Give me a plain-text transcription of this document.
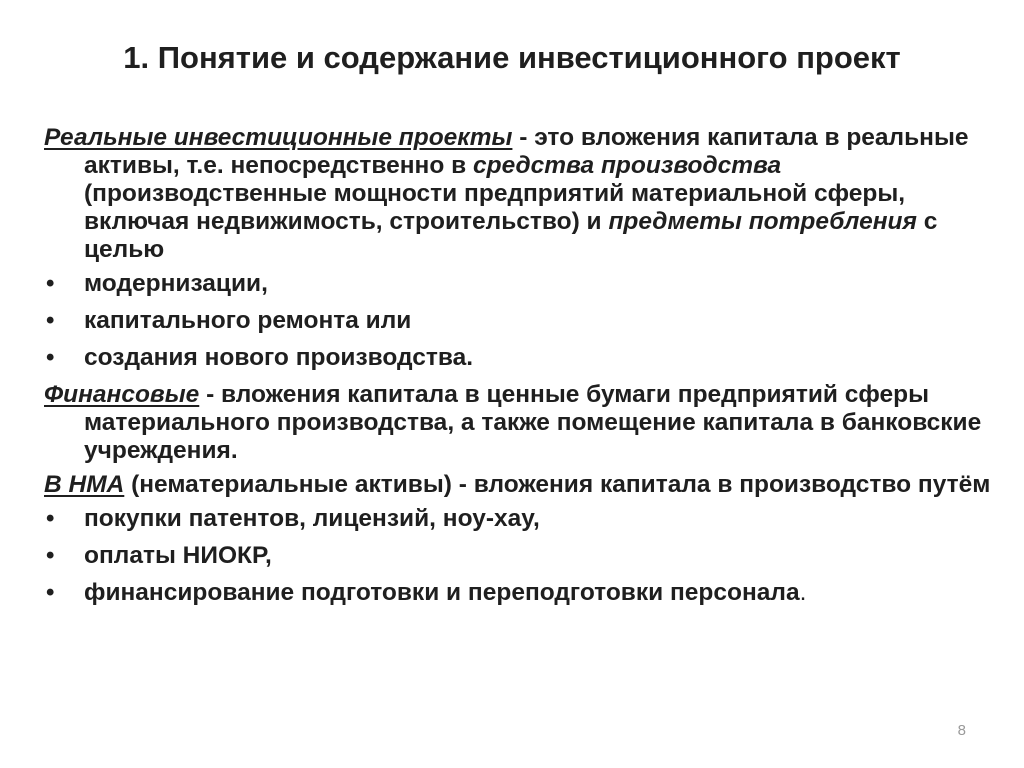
1. Понятие и содержание инвестиционного проект

Реальные инвестиционные проекты - это вложения капитала в реальные активы, т.е. непосредственно в средства производства (производственные мощности предприятий материальной сферы, включая недвижимость, строительство) и предметы потребления с целью

• модернизации,
• капитального ремонта или
• создания нового производства.

Финансовые - вложения капитала в ценные бумаги предприятий сферы материального производства, а также помещение капитала в банковские учреждения.

В НМА (нематериальные активы) - вложения капитала в производство путём

• покупки патентов, лицензий, ноу-хау,
• оплаты НИОКР,
• финансирование подготовки и переподготовки персонала.
8
